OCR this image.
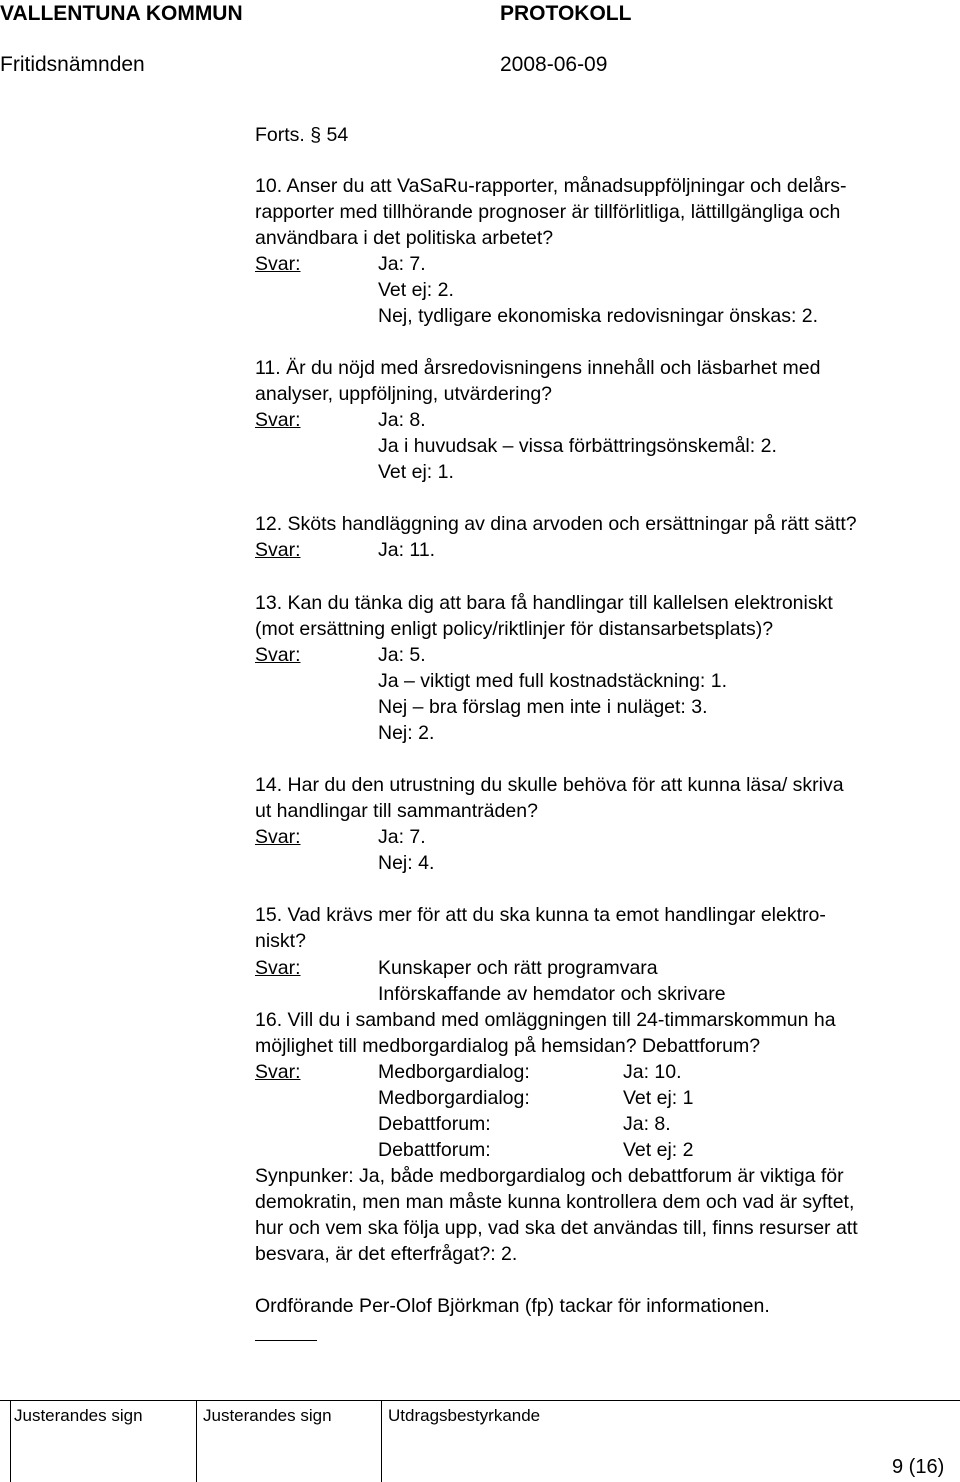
VALLENTUNA KOMMUN	PROTOKOLL
Fritidsnämnden	2008-06-09
Forts. § 54
10. Anser du att VaSaRu-rapporter, månadsuppföljningar och delårs-
rapporter med tillhörande prognoser är tillförlitliga, lättillgängliga och
användbara i det politiska arbetet?
Svar:	Ja: 7.
Vet ej: 2.
Nej, tydligare ekonomiska redovisningar önskas: 2.
11. Är du nöjd med årsredovisningens innehåll och läsbarhet med
analyser, uppföljning, utvärdering?
Svar:	Ja: 8.
Ja i huvudsak – vissa förbättringsönskemål: 2.
Vet ej: 1.
12. Sköts handläggning av dina arvoden och ersättningar på rätt sätt?
Svar:	Ja: 11.
13. Kan du tänka dig att bara få handlingar till kallelsen elektroniskt
(mot ersättning enligt policy/riktlinjer för distansarbetsplats)?
Svar:	Ja: 5.
Ja – viktigt med full kostnadstäckning: 1.
Nej – bra förslag men inte i nuläget: 3.
Nej: 2.
14. Har du den utrustning du skulle behöva för att kunna läsa/ skriva
ut handlingar till sammanträden?
Svar:	Ja: 7.
Nej: 4.
15. Vad krävs mer för att du ska kunna ta emot handlingar elektro-
niskt?
Svar:	Kunskaper och rätt programvara
Införskaffande av hemdator och skrivare
16. Vill du i samband med omläggningen till 24-timmarskommun ha
möjlighet till medborgardialog på hemsidan? Debattforum?
Svar:	Medborgardialog:	Ja: 10.
Medborgardialog:	Vet ej: 1
Debattforum:	Ja: 8.
Debattforum:	Vet ej: 2
Synpunker: Ja, både medborgardialog och debattforum är viktiga för
demokratin, men man måste kunna kontrollera dem och vad är syftet,
hur och vem ska följa upp, vad ska det användas till, finns resurser att
besvara, är det efterfrågat?: 2.
Ordförande Per-Olof Björkman (fp) tackar för informationen.
Justerandes sign	Justerandes sign	Utdragsbestyrkande
9 (16)
